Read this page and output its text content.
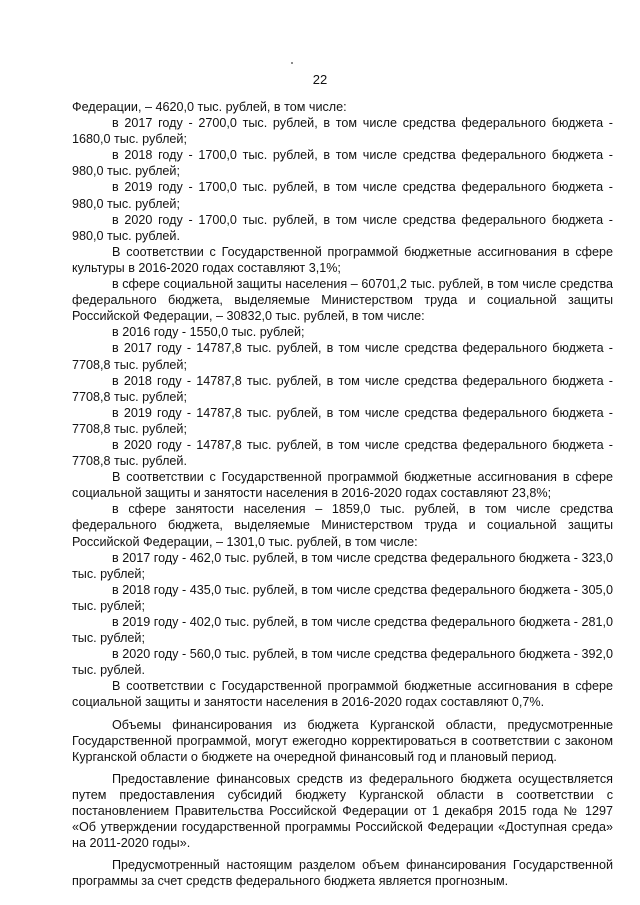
22

Федерации, – 4620,0 тыс. рублей, в том числе:

в 2017 году - 2700,0 тыс. рублей, в том числе средства федерального бюджета - 1680,0 тыс. рублей;

в 2018 году - 1700,0 тыс. рублей, в том числе средства федерального бюджета - 980,0 тыс. рублей;

в 2019 году - 1700,0 тыс. рублей, в том числе средства федерального бюджета - 980,0 тыс. рублей;

в 2020 году - 1700,0 тыс. рублей, в том числе средства федерального бюджета - 980,0 тыс. рублей.

В соответствии с Государственной программой бюджетные ассигнования в сфере культуры в 2016-2020 годах составляют 3,1%;

в сфере социальной защиты населения – 60701,2 тыс. рублей, в том числе средства федерального бюджета, выделяемые Министерством труда и социальной защиты Российской Федерации, – 30832,0 тыс. рублей, в том числе:

в 2016 году - 1550,0 тыс. рублей;

в 2017 году - 14787,8 тыс. рублей, в том числе средства федерального бюджета - 7708,8 тыс. рублей;

в 2018 году - 14787,8 тыс. рублей, в том числе средства федерального бюджета - 7708,8 тыс. рублей;

в 2019 году - 14787,8 тыс. рублей, в том числе средства федерального бюджета - 7708,8 тыс. рублей;

в 2020 году - 14787,8 тыс. рублей, в том числе средства федерального бюджета - 7708,8 тыс. рублей.

В соответствии с Государственной программой бюджетные ассигнования в сфере социальной защиты и занятости населения в 2016-2020 годах составляют 23,8%;

в сфере занятости населения – 1859,0 тыс. рублей, в том числе средства федерального бюджета, выделяемые Министерством труда и социальной защиты Российской Федерации, – 1301,0 тыс. рублей, в том числе:

в 2017 году - 462,0 тыс. рублей, в том числе средства федерального бюджета - 323,0 тыс. рублей;

в 2018 году - 435,0 тыс. рублей, в том числе средства федерального бюджета - 305,0 тыс. рублей;

в 2019 году - 402,0 тыс. рублей, в том числе средства федерального бюджета - 281,0 тыс. рублей;

в 2020 году - 560,0 тыс. рублей, в том числе средства федерального бюджета - 392,0 тыс. рублей.

В соответствии с Государственной программой бюджетные ассигнования в сфере социальной защиты и занятости населения в 2016-2020 годах составляют 0,7%.

Объемы финансирования из бюджета Курганской области, предусмотренные Государственной программой, могут ежегодно корректироваться в соответствии с законом Курганской области о бюджете на очередной финансовый год и плановый период.

Предоставление финансовых средств из федерального бюджета осуществляется путем предоставления субсидий бюджету Курганской области в соответствии с постановлением Правительства Российской Федерации от 1 декабря 2015 года № 1297 «Об утверждении государственной программы Российской Федерации «Доступная среда» на 2011-2020 годы».

Предусмотренный настоящим разделом объем финансирования Государственной программы за счет средств федерального бюджета является прогнозным.
